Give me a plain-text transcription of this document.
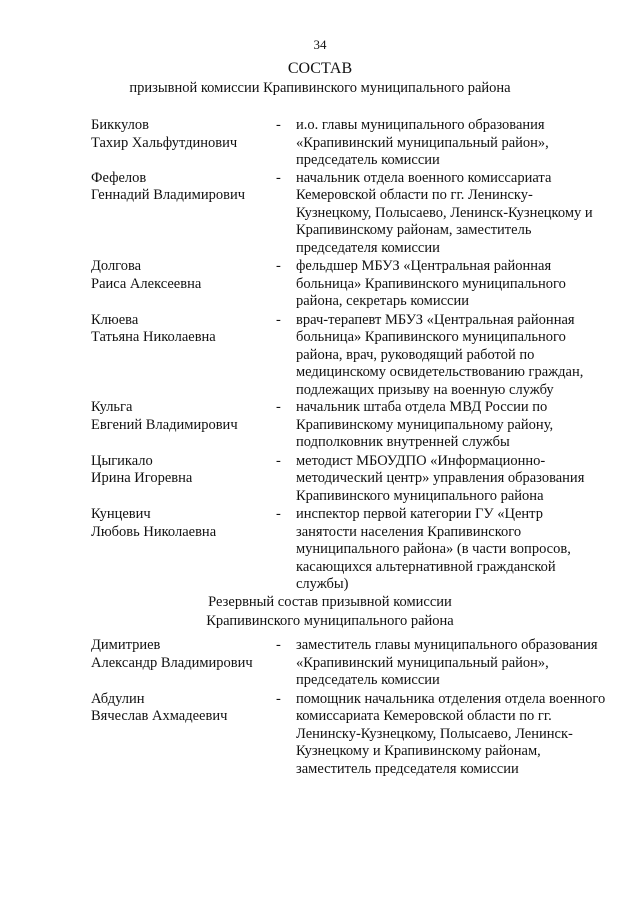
34
СОСТАВ
призывной комиссии Крапивинского муниципального района
Биккулов
Тахир Хальфутдинович
- и.о. главы муниципального образования «Крапивинский муниципальный район», председатель комиссии
Фефелов
Геннадий Владимирович
- начальник отдела военного комиссариата Кемеровской области по гг. Ленинску-Кузнецкому, Полысаево, Ленинск-Кузнецкому и Крапивинскому районам, заместитель председателя комиссии
Долгова
Раиса Алексеевна
- фельдшер МБУЗ «Центральная районная больница» Крапивинского муниципального района, секретарь комиссии
Клюева
Татьяна Николаевна
- врач-терапевт МБУЗ «Центральная районная больница» Крапивинского муниципального района, врач, руководящий работой по медицинскому освидетельствованию граждан, подлежащих призыву на военную службу
Кульга
Евгений Владимирович
- начальник штаба отдела МВД России по Крапивинскому муниципальному району, подполковник внутренней службы
Цыгикало
Ирина Игоревна
- методист МБОУДПО «Информационно-методический центр» управления образования Крапивинского муниципального района
Кунцевич
Любовь Николаевна
- инспектор первой категории ГУ «Центр занятости населения Крапивинского муниципального района» (в части вопросов, касающихся альтернативной гражданской службы)
Резервный состав призывной комиссии
Крапивинского муниципального района
Димитриев
Александр Владимирович
- заместитель главы муниципального образования «Крапивинский муниципальный район», председатель комиссии
Абдулин
Вячеслав Ахмадеевич
- помощник начальника отделения отдела военного комиссариата Кемеровской области по гг. Ленинску-Кузнецкому, Полысаево, Ленинск-Кузнецкому и Крапивинскому районам, заместитель председателя комиссии
